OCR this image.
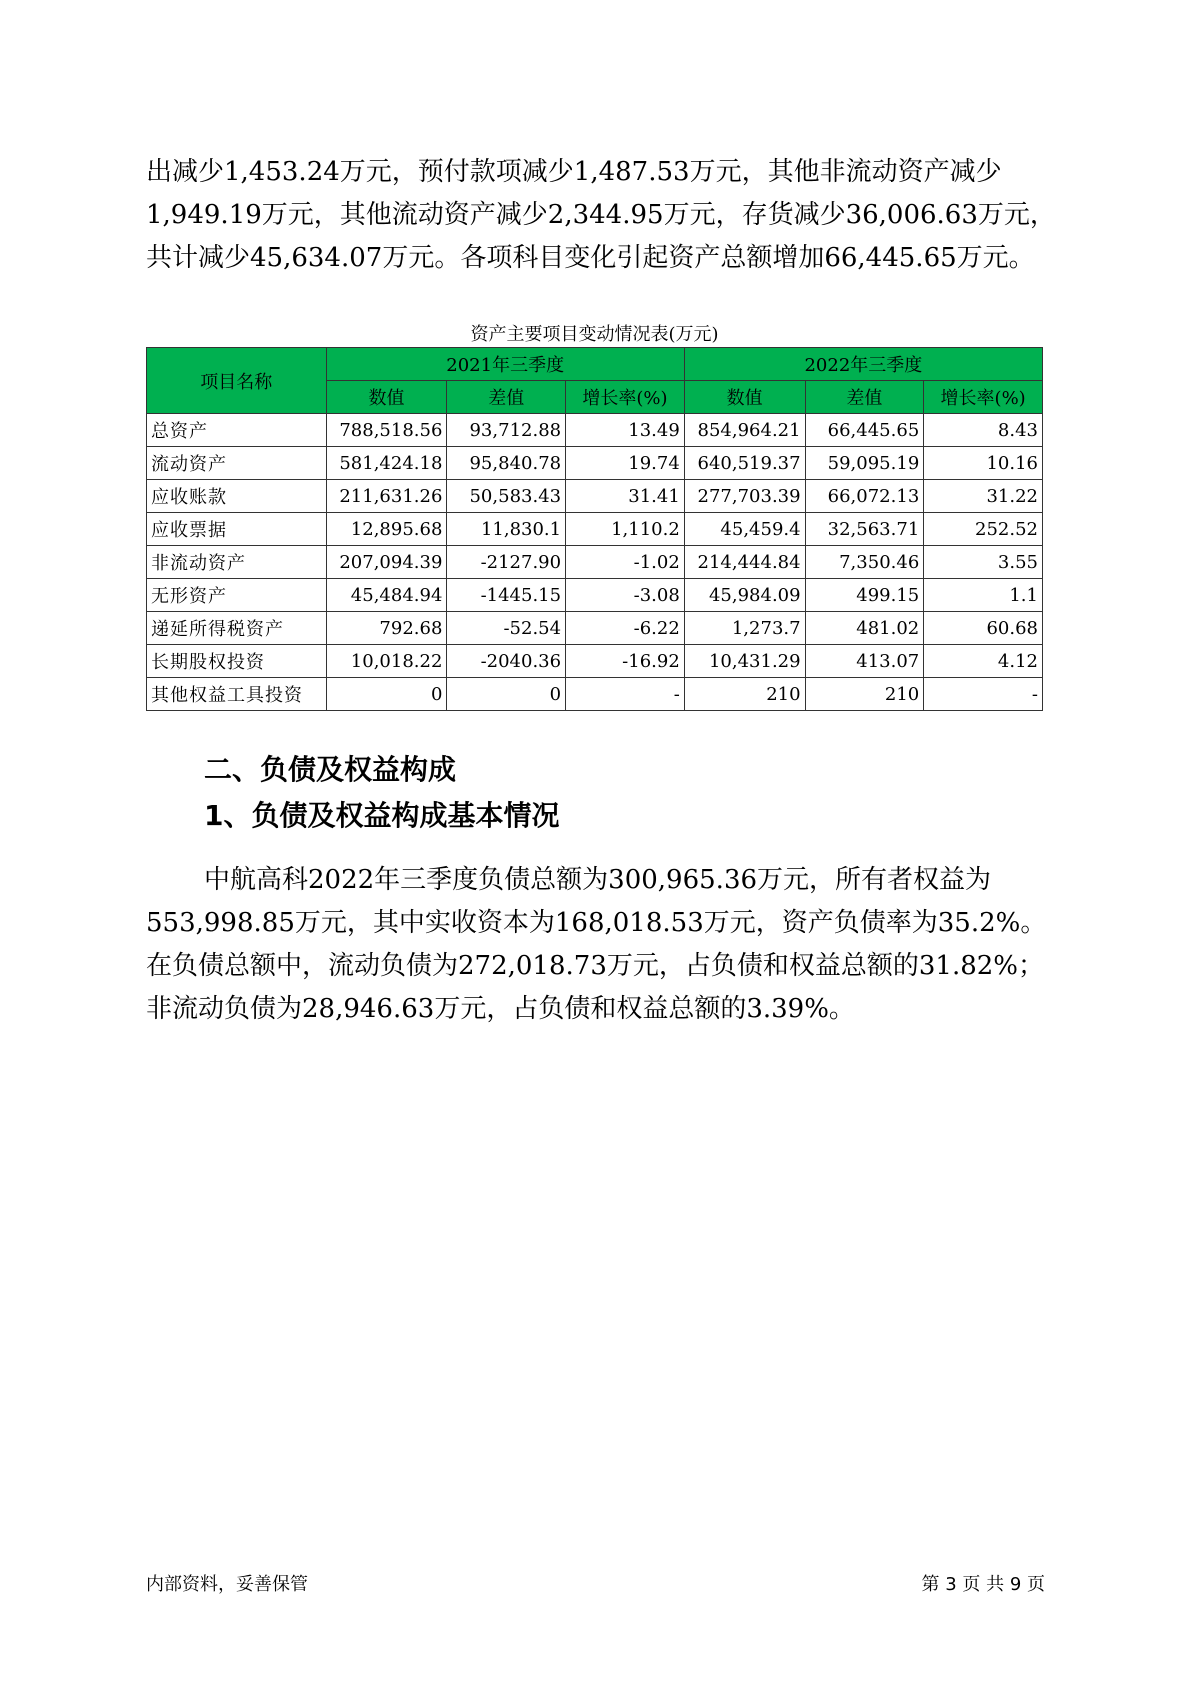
出减少1,453.24万元，预付款项减少1,487.53万元，其他非流动资产减少
1,949.19万元，其他流动资产减少2,344.95万元，存货减少36,006.63万元，
共计减少45,634.07万元。各项科目变化引起资产总额增加66,445.65万元。
资产主要项目变动情况表(万元)
项目名称	2021年三季度			2022年三季度		
	数值	差值	增长率(%)	数值	差值	增长率(%)
总资产	788,518.56	93,712.88	13.49	854,964.21	66,445.65	8.43
流动资产	581,424.18	95,840.78	19.74	640,519.37	59,095.19	10.16
应收账款	211,631.26	50,583.43	31.41	277,703.39	66,072.13	31.22
应收票据	12,895.68	11,830.1	1,110.2	45,459.4	32,563.71	252.52
非流动资产	207,094.39	-2127.90	-1.02	214,444.84	7,350.46	3.55
无形资产	45,484.94	-1445.15	-3.08	45,984.09	499.15	1.1
递延所得税资产	792.68	-52.54	-6.22	1,273.7	481.02	60.68
长期股权投资	10,018.22	-2040.36	-16.92	10,431.29	413.07	4.12
其他权益工具投资	0	0	-	210	210	-
二、负债及权益构成
1、负债及权益构成基本情况
中航高科2022年三季度负债总额为300,965.36万元，所有者权益为
553,998.85万元，其中实收资本为168,018.53万元，资产负债率为35.2%。
在负债总额中，流动负债为272,018.73万元，占负债和权益总额的31.82%；
非流动负债为28,946.63万元，占负债和权益总额的3.39%。
内部资料，妥善保管	第 3 页 共 9 页
